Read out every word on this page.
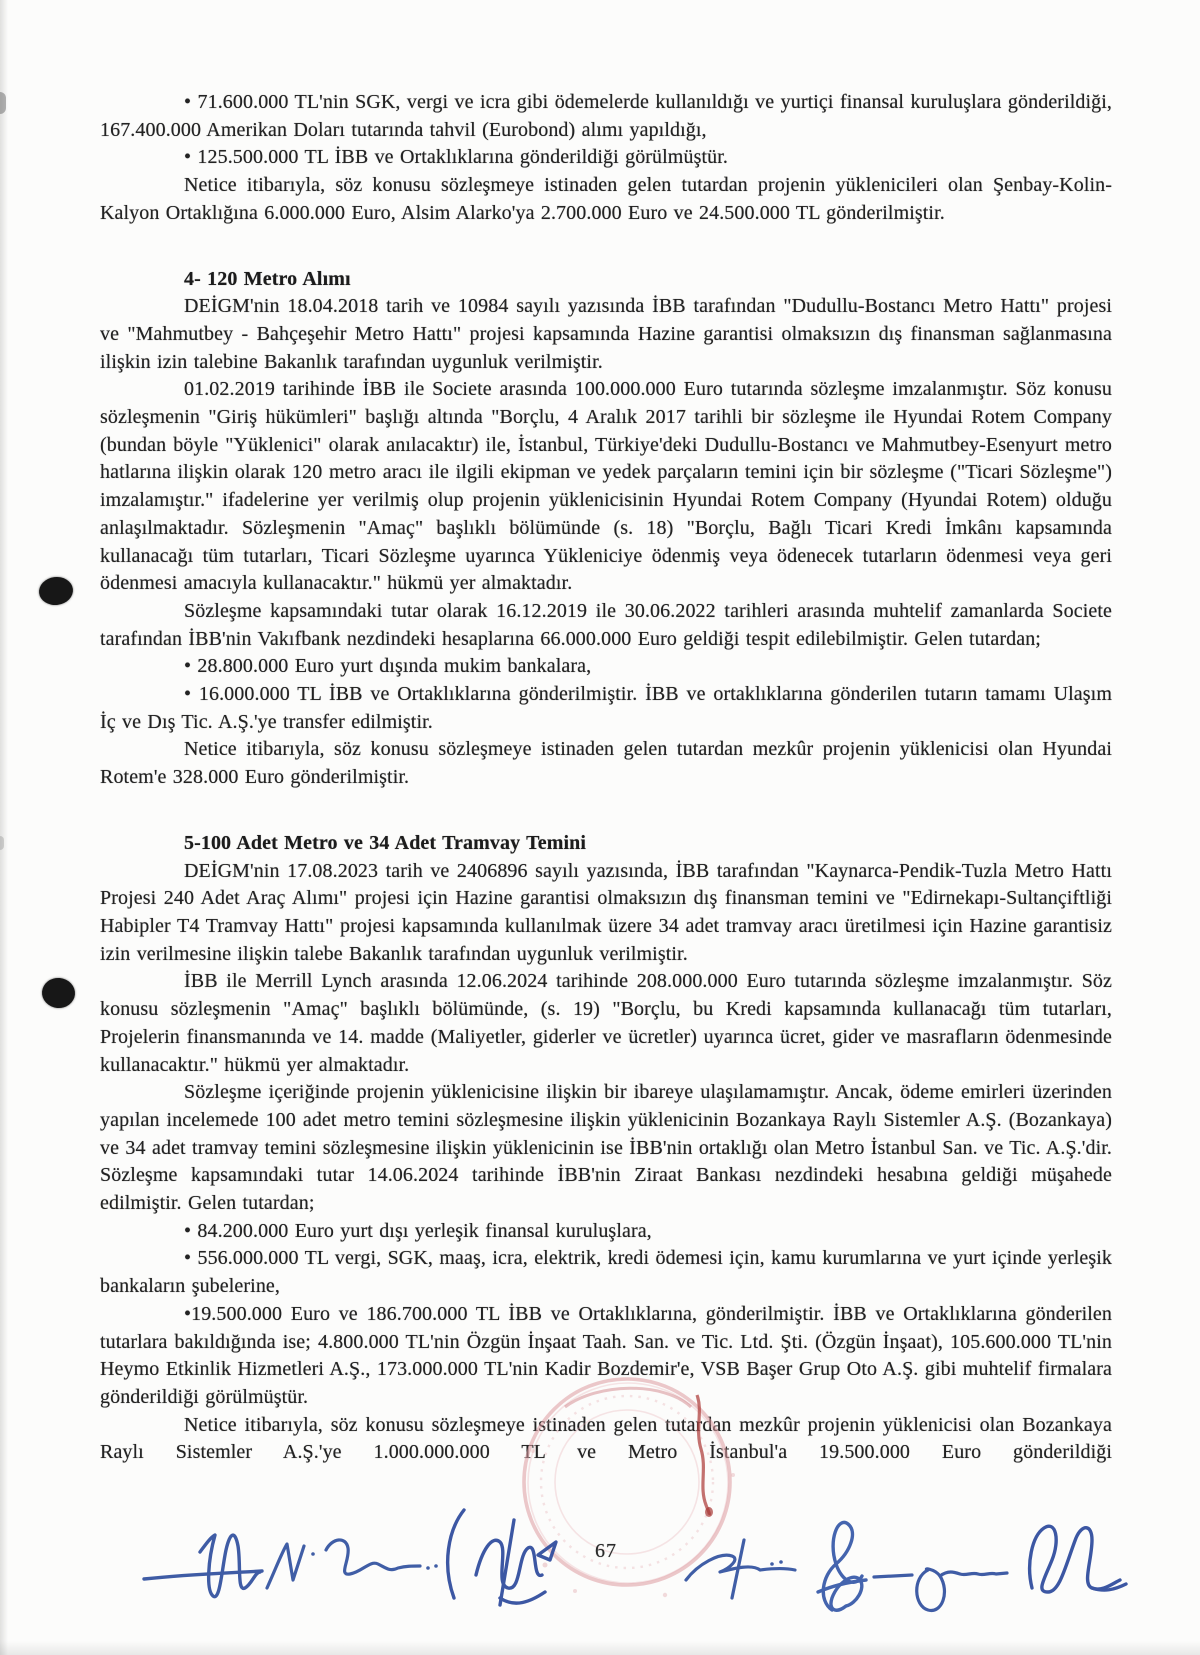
• 71.600.000 TL'nin SGK, vergi ve icra gibi ödemelerde kullanıldığı ve yurtiçi finansal kuruluşlara gönderildiği, 167.400.000 Amerikan Doları tutarında tahvil (Eurobond) alımı yapıldığı,

• 125.500.000 TL İBB ve Ortaklıklarına gönderildiği görülmüştür.

Netice itibarıyla, söz konusu sözleşmeye istinaden gelen tutardan projenin yüklenicileri olan Şenbay-Kolin-Kalyon Ortaklığına 6.000.000 Euro, Alsim Alarko'ya 2.700.000 Euro ve 24.500.000 TL gönderilmiştir.

4- 120 Metro Alımı

DEİGM'nin 18.04.2018 tarih ve 10984 sayılı yazısında İBB tarafından "Dudullu-Bostancı Metro Hattı" projesi ve "Mahmutbey - Bahçeşehir Metro Hattı" projesi kapsamında Hazine garantisi olmaksızın dış finansman sağlanmasına ilişkin izin talebine Bakanlık tarafından uygunluk verilmiştir.

01.02.2019 tarihinde İBB ile Societe arasında 100.000.000 Euro tutarında sözleşme imzalanmıştır. Söz konusu sözleşmenin "Giriş hükümleri" başlığı altında "Borçlu, 4 Aralık 2017 tarihli bir sözleşme ile Hyundai Rotem Company (bundan böyle "Yüklenici" olarak anılacaktır) ile, İstanbul, Türkiye'deki Dudullu-Bostancı ve Mahmutbey-Esenyurt metro hatlarına ilişkin olarak 120 metro aracı ile ilgili ekipman ve yedek parçaların temini için bir sözleşme ("Ticari Sözleşme") imzalamıştır." ifadelerine yer verilmiş olup projenin yüklenicisinin Hyundai Rotem Company (Hyundai Rotem) olduğu anlaşılmaktadır. Sözleşmenin "Amaç" başlıklı bölümünde (s. 18) "Borçlu, Bağlı Ticari Kredi İmkânı kapsamında kullanacağı tüm tutarları, Ticari Sözleşme uyarınca Yükleniciye ödenmiş veya ödenecek tutarların ödenmesi veya geri ödenmesi amacıyla kullanacaktır." hükmü yer almaktadır.

Sözleşme kapsamındaki tutar olarak 16.12.2019 ile 30.06.2022 tarihleri arasında muhtelif zamanlarda Societe tarafından İBB'nin Vakıfbank nezdindeki hesaplarına 66.000.000 Euro geldiği tespit edilebilmiştir. Gelen tutardan;

• 28.800.000 Euro yurt dışında mukim bankalara,

• 16.000.000 TL İBB ve Ortaklıklarına gönderilmiştir. İBB ve ortaklıklarına gönderilen tutarın tamamı Ulaşım İç ve Dış Tic. A.Ş.'ye transfer edilmiştir.

Netice itibarıyla, söz konusu sözleşmeye istinaden gelen tutardan mezkûr projenin yüklenicisi olan Hyundai Rotem'e 328.000 Euro gönderilmiştir.

5-100 Adet Metro ve 34 Adet Tramvay Temini

DEİGM'nin 17.08.2023 tarih ve 2406896 sayılı yazısında, İBB tarafından "Kaynarca-Pendik-Tuzla Metro Hattı Projesi 240 Adet Araç Alımı" projesi için Hazine garantisi olmaksızın dış finansman temini ve "Edirnekapı-Sultançiftliği Habipler T4 Tramvay Hattı" projesi kapsamında kullanılmak üzere 34 adet tramvay aracı üretilmesi için Hazine garantisiz izin verilmesine ilişkin talebe Bakanlık tarafından uygunluk verilmiştir.

İBB ile Merrill Lynch arasında 12.06.2024 tarihinde 208.000.000 Euro tutarında sözleşme imzalanmıştır. Söz konusu sözleşmenin "Amaç" başlıklı bölümünde, (s. 19) "Borçlu, bu Kredi kapsamında kullanacağı tüm tutarları, Projelerin finansmanında ve 14. madde (Maliyetler, giderler ve ücretler) uyarınca ücret, gider ve masrafların ödenmesinde kullanacaktır." hükmü yer almaktadır.

Sözleşme içeriğinde projenin yüklenicisine ilişkin bir ibareye ulaşılamamıştır. Ancak, ödeme emirleri üzerinden yapılan incelemede 100 adet metro temini sözleşmesine ilişkin yüklenicinin Bozankaya Raylı Sistemler A.Ş. (Bozankaya) ve 34 adet tramvay temini sözleşmesine ilişkin yüklenicinin ise İBB'nin ortaklığı olan Metro İstanbul San. ve Tic. A.Ş.'dir. Sözleşme kapsamındaki tutar 14.06.2024 tarihinde İBB'nin Ziraat Bankası nezdindeki hesabına geldiği müşahede edilmiştir. Gelen tutardan;

• 84.200.000 Euro yurt dışı yerleşik finansal kuruluşlara,

• 556.000.000 TL vergi, SGK, maaş, icra, elektrik, kredi ödemesi için, kamu kurumlarına ve yurt içinde yerleşik bankaların şubelerine,

•19.500.000 Euro ve 186.700.000 TL İBB ve Ortaklıklarına, gönderilmiştir. İBB ve Ortaklıklarına gönderilen tutarlara bakıldığında ise; 4.800.000 TL'nin Özgün İnşaat Taah. San. ve Tic. Ltd. Şti. (Özgün İnşaat), 105.600.000 TL'nin Heymo Etkinlik Hizmetleri A.Ş., 173.000.000 TL'nin Kadir Bozdemir'e, VSB Başer Grup Oto A.Ş. gibi muhtelif firmalara gönderildiği görülmüştür.

Netice itibarıyla, söz konusu sözleşmeye istinaden gelen tutardan mezkûr projenin yüklenicisi olan Bozankaya Raylı Sistemler A.Ş.'ye 1.000.000.000 TL ve Metro İstanbul'a 19.500.000 Euro gönderildiği

67
